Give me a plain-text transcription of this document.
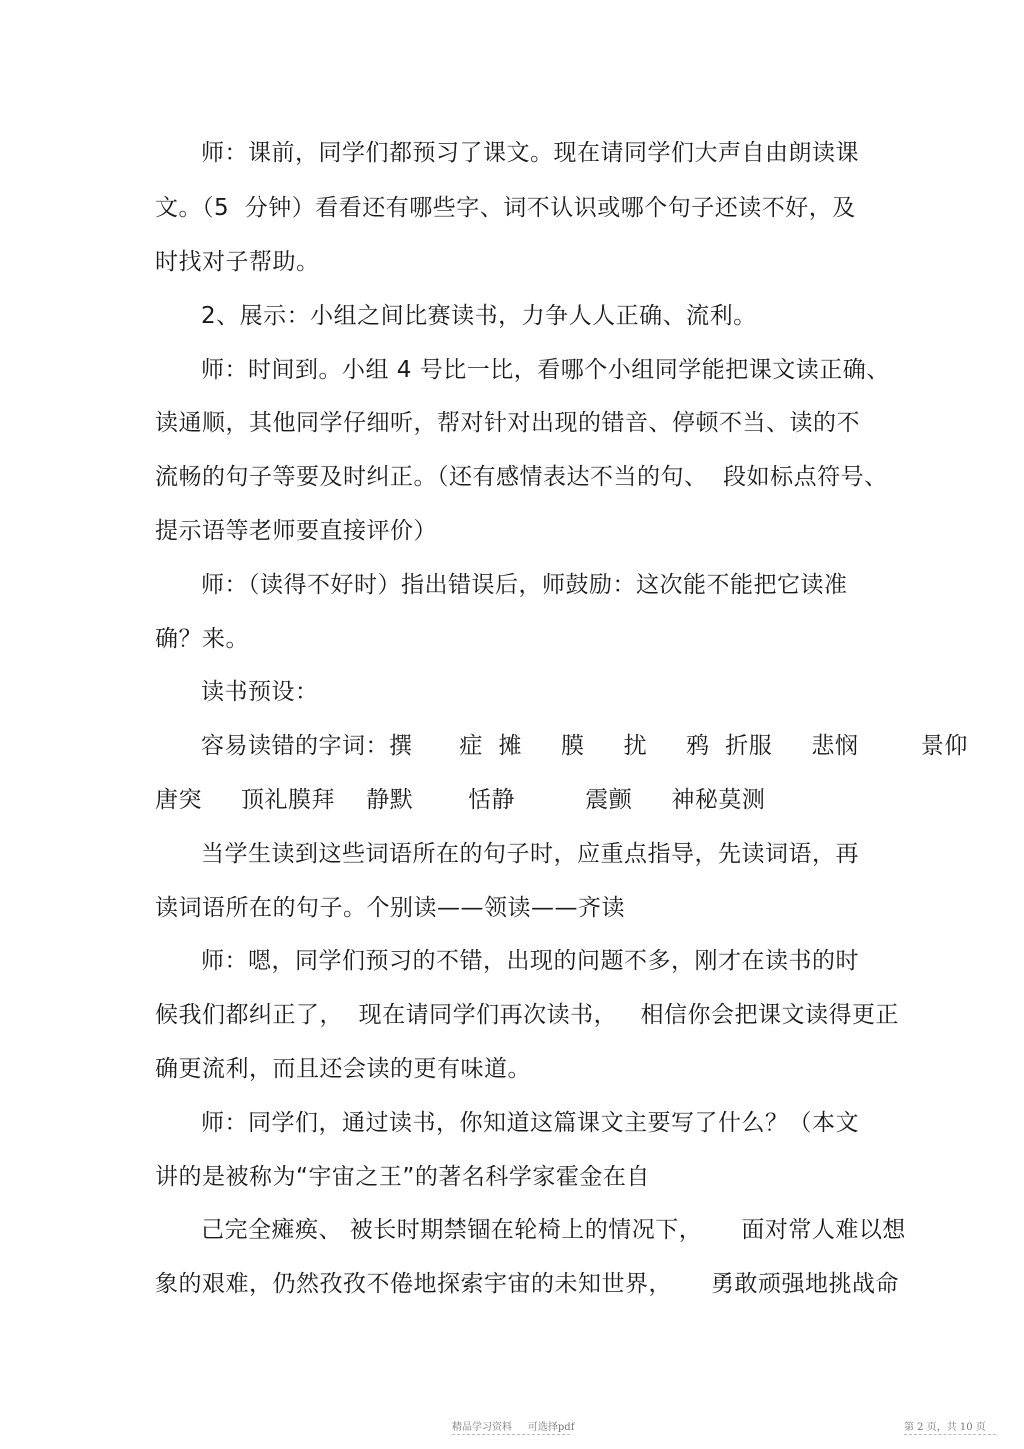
师：课前，同学们都预习了课文。现在请同学们大声自由朗读课
文。（5  分钟）看看还有哪些字、词不认识或哪个句子还读不好，及
时找对子帮助。
2、展示：小组之间比赛读书，力争人人正确、流利。
师：时间到。小组 4 号比一比，看哪个小组同学能把课文读正确、
读通顺，其他同学仔细听，帮对针对出现的错音、停顿不当、读的不
流畅的句子等要及时纠正。（还有感情表达不当的句、  段如标点符号、
提示语等老师要直接评价）
师：（读得不好时）指出错误后，师鼓励：这次能不能把它读准
确？来。
读书预设：
容易读错的字词：撰      症  摊     膜     扰     鸦  折服     悲悯        景仰
唐突     顶礼膜拜    静默       恬静         震颤     神秘莫测
当学生读到这些词语所在的句子时，应重点指导，先读词语，再
读词语所在的句子。个别读——领读——齐读
师：嗯，同学们预习的不错，出现的问题不多，刚才在读书的时
候我们都纠正了，  现在请同学们再次读书，   相信你会把课文读得更正
确更流利，而且还会读的更有味道。
师：同学们，通过读书，你知道这篇课文主要写了什么？（本文
讲的是被称为“宇宙之王”的著名科学家霍金在自
己完全瘫痪、 被长时期禁锢在轮椅上的情况下，     面对常人难以想
象的艰难，仍然孜孜不倦地探索宇宙的未知世界，     勇敢顽强地挑战命
精品学习资料     可选择pdf	第 2 页，共 10 页
